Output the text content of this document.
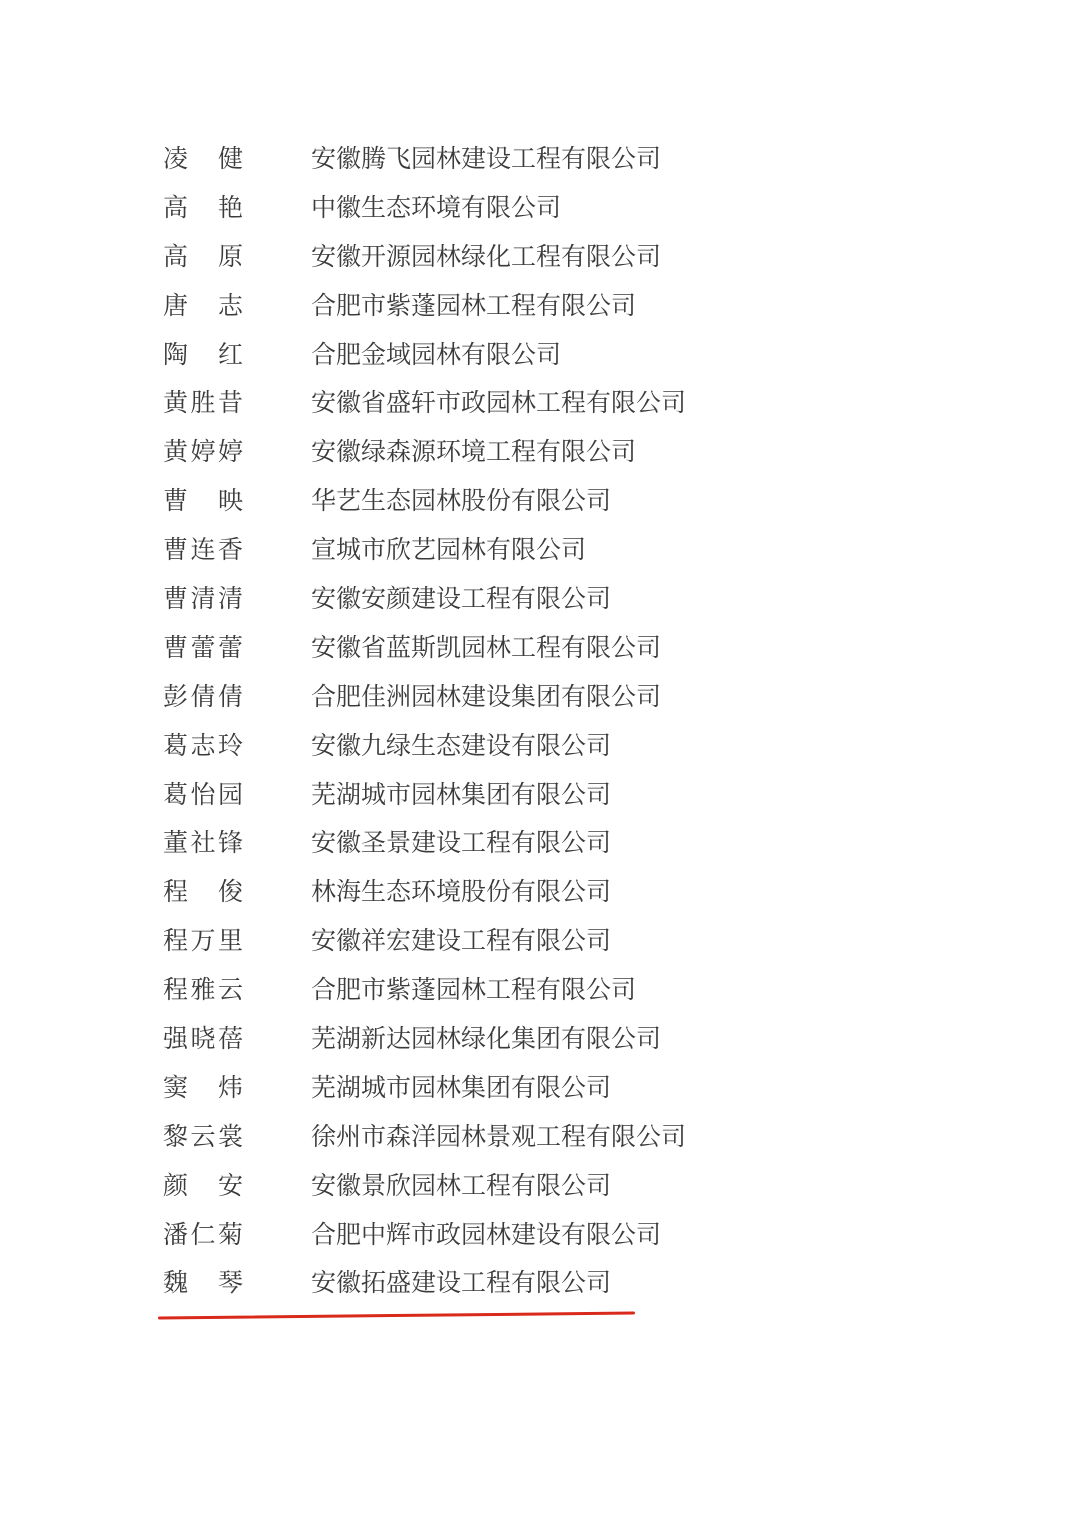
凌健	安徽腾飞园林建设工程有限公司
高艳	中徽生态环境有限公司
高原	安徽开源园林绿化工程有限公司
唐志	合肥市紫蓬园林工程有限公司
陶红	合肥金域园林有限公司
黄胜昔	安徽省盛轩市政园林工程有限公司
黄婷婷	安徽绿森源环境工程有限公司
曹映	华艺生态园林股份有限公司
曹连香	宣城市欣艺园林有限公司
曹清清	安徽安颜建设工程有限公司
曹蕾蕾	安徽省蓝斯凯园林工程有限公司
彭倩倩	合肥佳洲园林建设集团有限公司
葛志玲	安徽九绿生态建设有限公司
葛怡园	芜湖城市园林集团有限公司
董社锋	安徽圣景建设工程有限公司
程俊	林海生态环境股份有限公司
程万里	安徽祥宏建设工程有限公司
程雅云	合肥市紫蓬园林工程有限公司
强晓蓓	芜湖新达园林绿化集团有限公司
窦炜	芜湖城市园林集团有限公司
黎云裳	徐州市森洋园林景观工程有限公司
颜安	安徽景欣园林工程有限公司
潘仁菊	合肥中辉市政园林建设有限公司
魏琴	安徽拓盛建设工程有限公司
